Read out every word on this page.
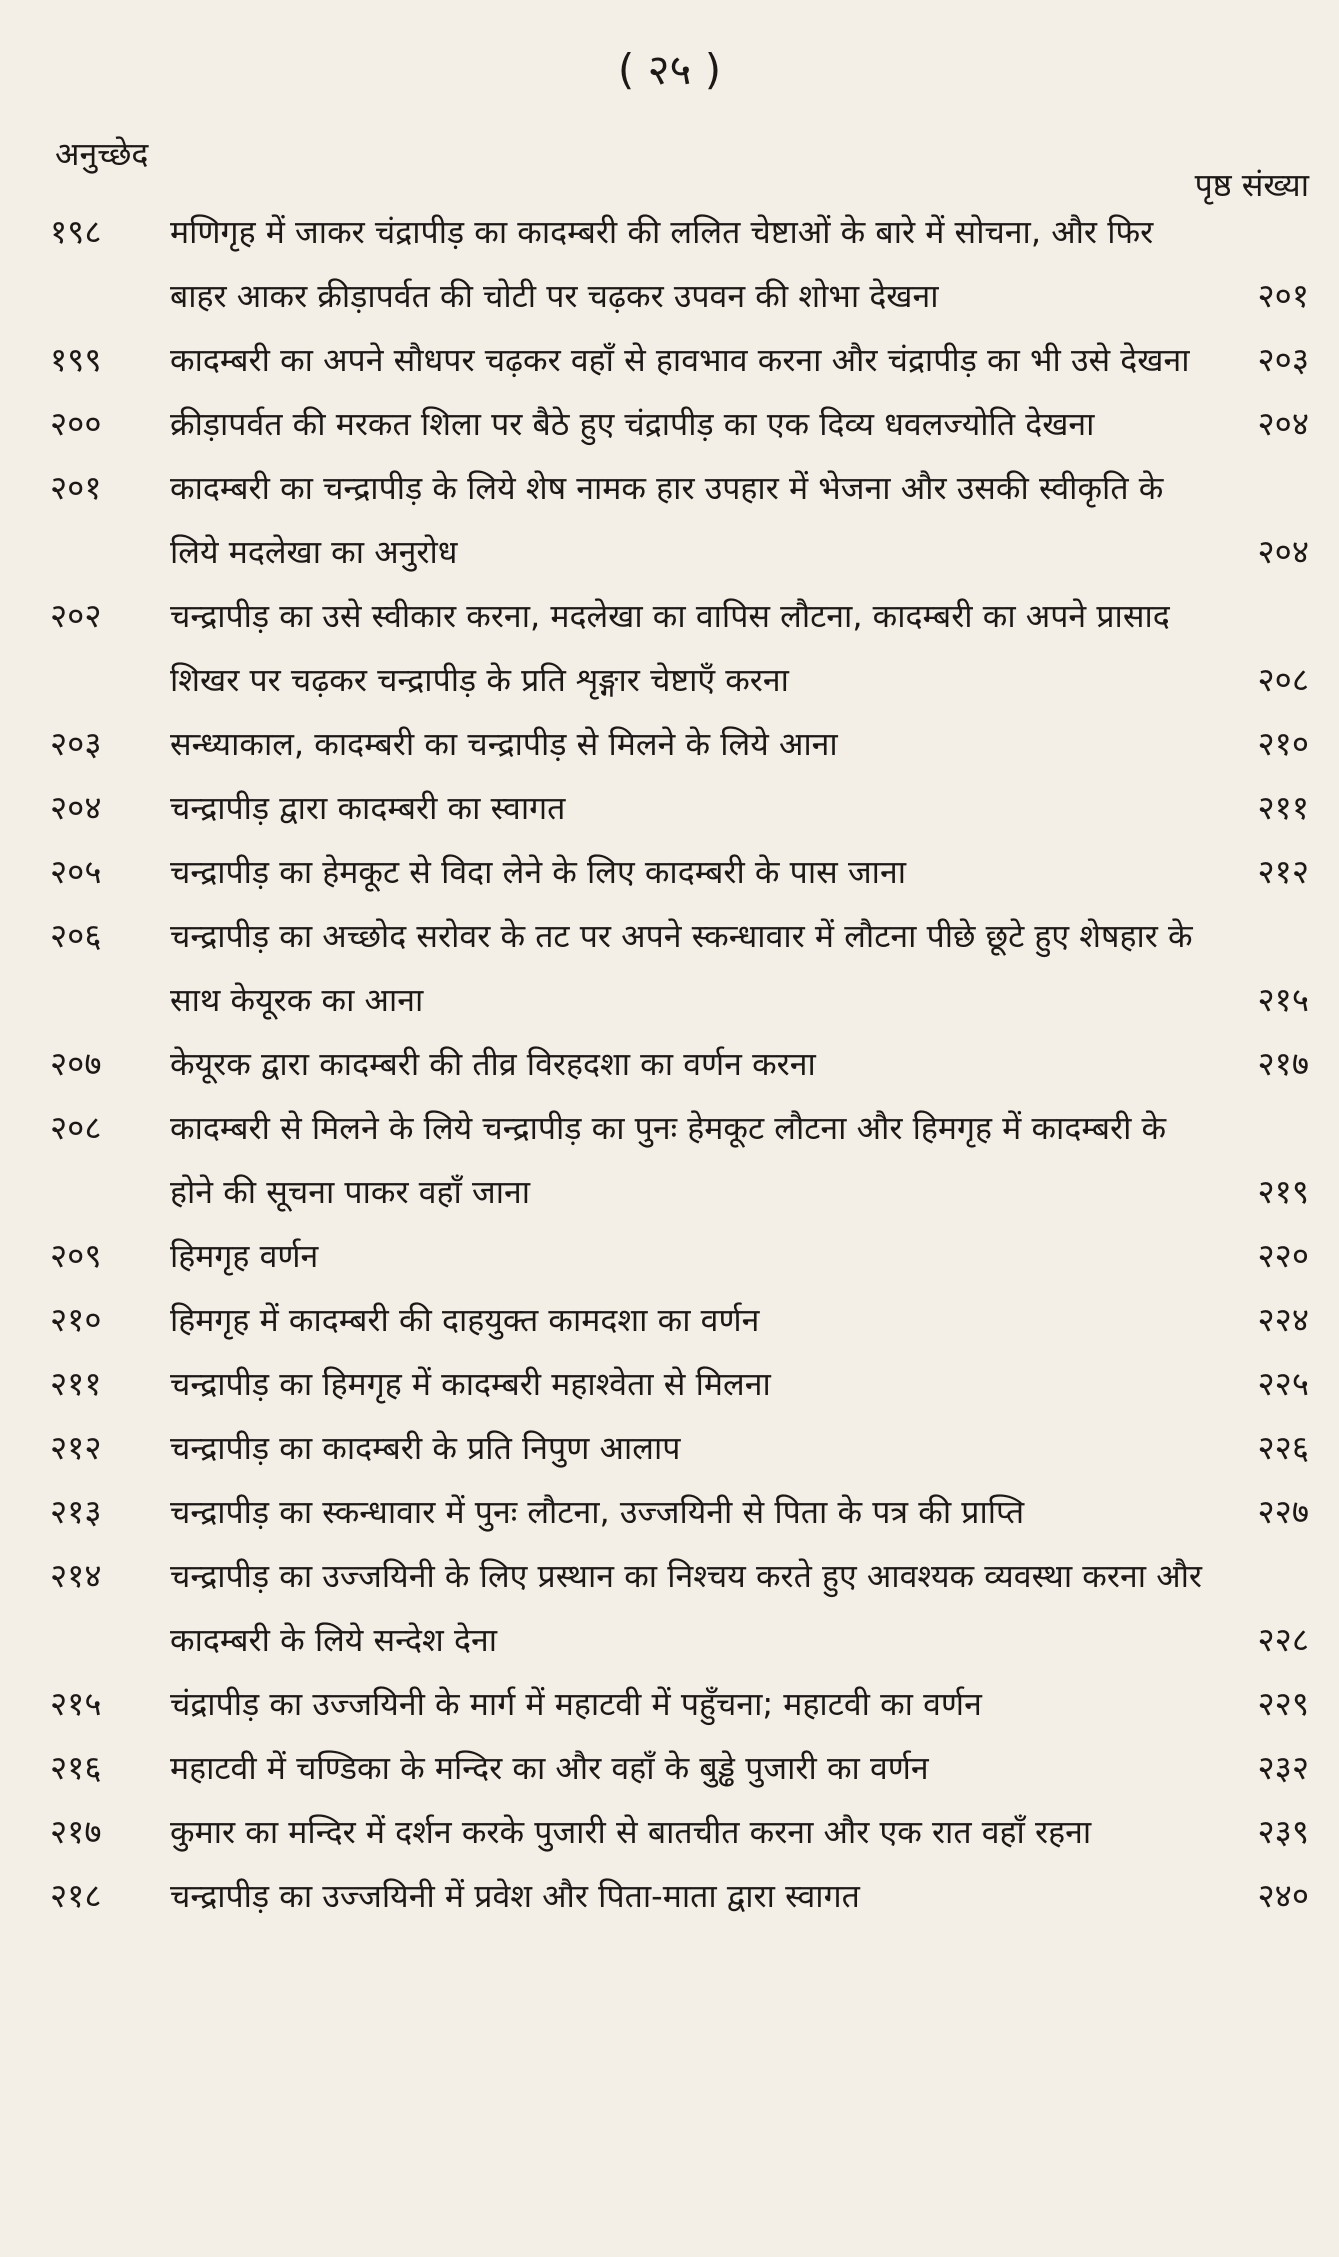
( २५ )
अनुच्छेद
पृष्ठ संख्या
१९८	मणिगृह में जाकर चंद्रापीड़ का कादम्बरी की ललित चेष्टाओं के बारे में सोचना, और फिर बाहर आकर क्रीड़ापर्वत की चोटी पर चढ़कर उपवन की शोभा देखना	२०१
१९९	कादम्बरी का अपने सौधपर चढ़कर वहाँ से हावभाव करना और चंद्रापीड़ का भी उसे देखना	२०३
२००	क्रीड़ापर्वत की मरकत शिला पर बैठे हुए चंद्रापीड़ का एक दिव्य धवलज्योति देखना	२०४
२०१	कादम्बरी का चन्द्रापीड़ के लिये शेष नामक हार उपहार में भेजना और उसकी स्वीकृति के लिये मदलेखा का अनुरोध	२०४
२०२	चन्द्रापीड़ का उसे स्वीकार करना, मदलेखा का वापिस लौटना, कादम्बरी का अपने प्रासाद शिखर पर चढ़कर चन्द्रापीड़ के प्रति शृङ्गार चेष्टाएँ करना	२०८
२०३	सन्ध्याकाल, कादम्बरी का चन्द्रापीड़ से मिलने के लिये आना	२१०
२०४	चन्द्रापीड़ द्वारा कादम्बरी का स्वागत	२११
२०५	चन्द्रापीड़ का हेमकूट से विदा लेने के लिए कादम्बरी के पास जाना	२१२
२०६	चन्द्रापीड़ का अच्छोद सरोवर के तट पर अपने स्कन्धावार में लौटना पीछे छूटे हुए शेषहार के साथ केयूरक का आना	२१५
२०७	केयूरक द्वारा कादम्बरी की तीव्र विरहदशा का वर्णन करना	२१७
२०८	कादम्बरी से मिलने के लिये चन्द्रापीड़ का पुनः हेमकूट लौटना और हिमगृह में कादम्बरी के होने की सूचना पाकर वहाँ जाना	२१९
२०९	हिमगृह वर्णन	२२०
२१०	हिमगृह में कादम्बरी की दाहयुक्त कामदशा का वर्णन	२२४
२११	चन्द्रापीड़ का हिमगृह में कादम्बरी महाश्वेता से मिलना	२२५
२१२	चन्द्रापीड़ का कादम्बरी के प्रति निपुण आलाप	२२६
२१३	चन्द्रापीड़ का स्कन्धावार में पुनः लौटना, उज्जयिनी से पिता के पत्र की प्राप्ति	२२७
२१४	चन्द्रापीड़ का उज्जयिनी के लिए प्रस्थान का निश्चय करते हुए आवश्यक व्यवस्था करना और कादम्बरी के लिये सन्देश देना	२२८
२१५	चंद्रापीड़ का उज्जयिनी के मार्ग में महाटवी में पहुँचना; महाटवी का वर्णन	२२९
२१६	महाटवी में चण्डिका के मन्दिर का और वहाँ के बुड्ढे पुजारी का वर्णन	२३२
२१७	कुमार का मन्दिर में दर्शन करके पुजारी से बातचीत करना और एक रात वहाँ रहना	२३९
२१८	चन्द्रापीड़ का उज्जयिनी में प्रवेश और पिता-माता द्वारा स्वागत	२४०
